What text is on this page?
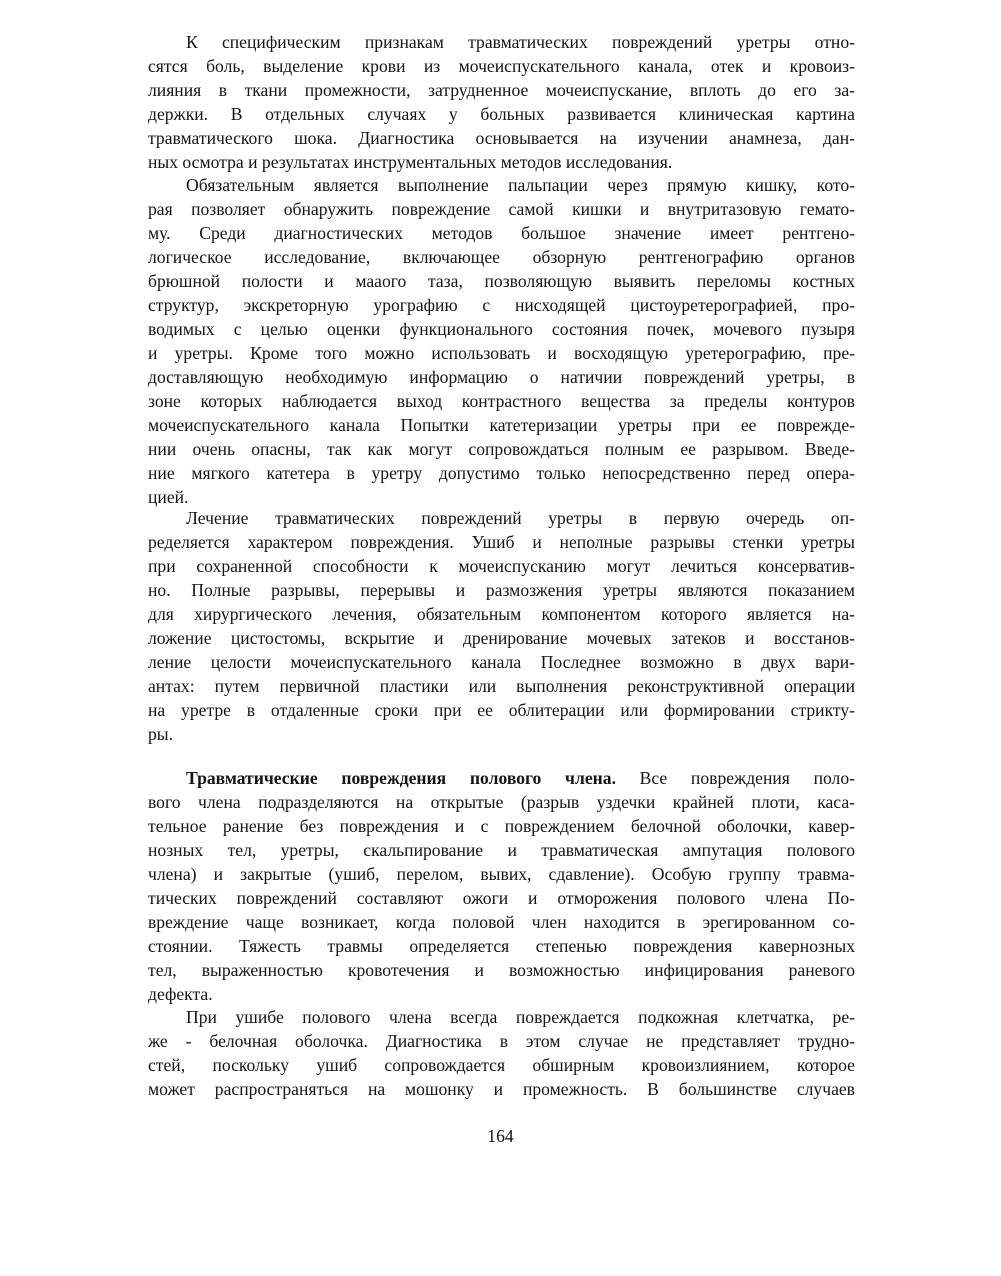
К специфическим признакам травматических повреждений уретры отно-
сятся боль, выделение крови из мочеиспускательного канала, отек и кровоиз-
лияния в ткани промежности, затрудненное мочеиспускание, вплоть до его за-
держки. В отдельных случаях у больных развивается клиническая картина
травматического шока. Диагностика основывается на изучении анамнеза, дан-
ных осмотра и результатах инструментальных методов исследования.
Обязательным является выполнение пальпации через прямую кишку, кото-
рая позволяет обнаружить повреждение самой кишки и внутритазовую гемато-
му. Среди диагностических методов большое значение имеет рентгено-
логическое исследование, включающее обзорную рентгенографию органов
брюшной полости и мааого таза, позволяющую выявить переломы костных
структур, экскреторную урографию с нисходящей цистоуретерографией, про-
водимых с целью оценки функционального состояния почек, мочевого пузыря
и уретры. Кроме того можно использовать и восходящую уретерографию, пре-
доставляющую необходимую информацию о натичии повреждений уретры, в
зоне которых наблюдается выход контрастного вещества за пределы контуров
мочеиспускательного канала Попытки катетеризации уретры при ее поврежде-
нии очень опасны, так как могут сопровождаться полным ее разрывом. Введе-
ние мягкого катетера в уретру допустимо только непосредственно перед опера-
цией.
Лечение травматических повреждений уретры в первую очередь оп-
ределяется характером повреждения. Ушиб и неполные разрывы стенки уретры
при сохраненной способности к мочеиспусканию могут лечиться консерватив-
но. Полные разрывы, перерывы и размозжения уретры являются показанием
для хирургического лечения, обязательным компонентом которого является на-
ложение цистостомы, вскрытие и дренирование мочевых затеков и восстанов-
ление целости мочеиспускательного канала Последнее возможно в двух вари-
антах: путем первичной пластики или выполнения реконструктивной операции
на уретре в отдаленные сроки при ее облитерации или формировании стрикту-
ры.
Травматические повреждения полового члена. Все повреждения поло-
вого члена подразделяются на открытые (разрыв уздечки крайней плоти, каса-
тельное ранение без повреждения и с повреждением белочной оболочки, кавер-
нозных тел, уретры, скальпирование и травматическая ампутация полового
члена) и закрытые (ушиб, перелом, вывих, сдавление). Особую группу травма-
тических повреждений составляют ожоги и отморожения полового члена По-
вреждение чаще возникает, когда половой член находится в эрегированном со-
стоянии. Тяжесть травмы определяется степенью повреждения кавернозных
тел, выраженностью кровотечения и возможностью инфицирования раневого
дефекта.
При ушибе полового члена всегда повреждается подкожная клетчатка, ре-
же - белочная оболочка. Диагностика в этом случае не представляет трудно-
стей, поскольку ушиб сопровождается обширным кровоизлиянием, которое
может распространяться на мошонку и промежность. В большинстве случаев
164
